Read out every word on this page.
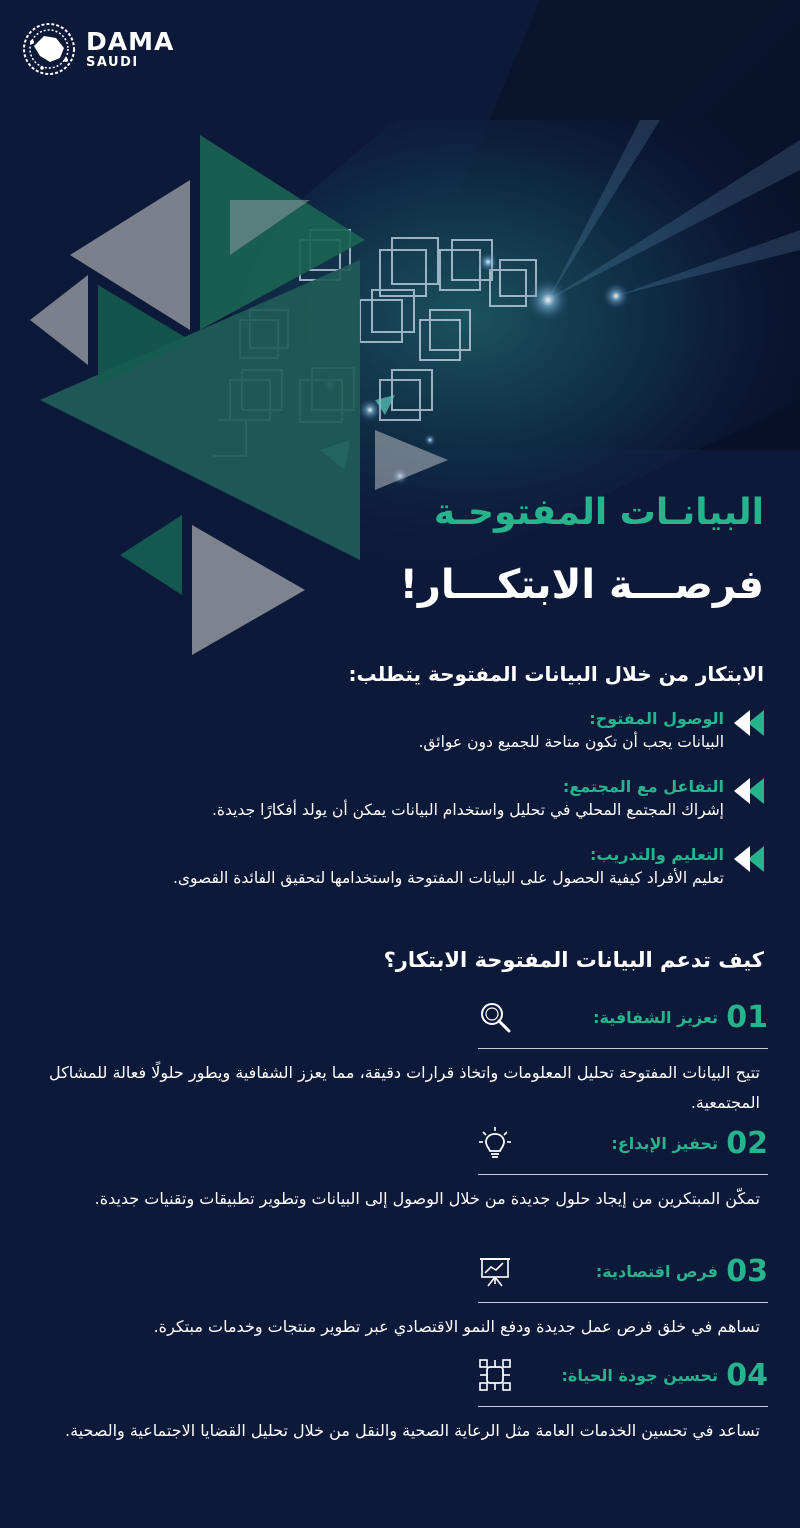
DAMA
SAUDI
البيانـات المفتوحـة
فرصـــة الابتكـــار!
الابتكار من خلال البيانات المفتوحة يتطلب:
الوصول المفتوح:
البيانات يجب أن تكون متاحة للجميع دون عوائق.
التفاعل مع المجتمع:
إشراك المجتمع المحلي في تحليل واستخدام البيانات يمكن أن يولد أفكارًا جديدة.
التعليم والتدريب:
تعليم الأفراد كيفية الحصول على البيانات المفتوحة واستخدامها لتحقيق الفائدة القصوى.
كيف تدعم البيانات المفتوحة الابتكار؟
01
تعزيز الشفافية:
تتيح البيانات المفتوحة تحليل المعلومات واتخاذ قرارات دقيقة، مما يعزز الشفافية ويطور حلولًا فعالة للمشاكل المجتمعية.
02
تحفيز الإبداع:
تمكّن المبتكرين من إيجاد حلول جديدة من خلال الوصول إلى البيانات وتطوير تطبيقات وتقنيات جديدة.
03
فرص اقتصادية:
تساهم في خلق فرص عمل جديدة ودفع النمو الاقتصادي عبر تطوير منتجات وخدمات مبتكرة.
04
تحسين جودة الحياة:
تساعد في تحسين الخدمات العامة مثل الرعاية الصحية والنقل من خلال تحليل القضايا الاجتماعية والصحية.
